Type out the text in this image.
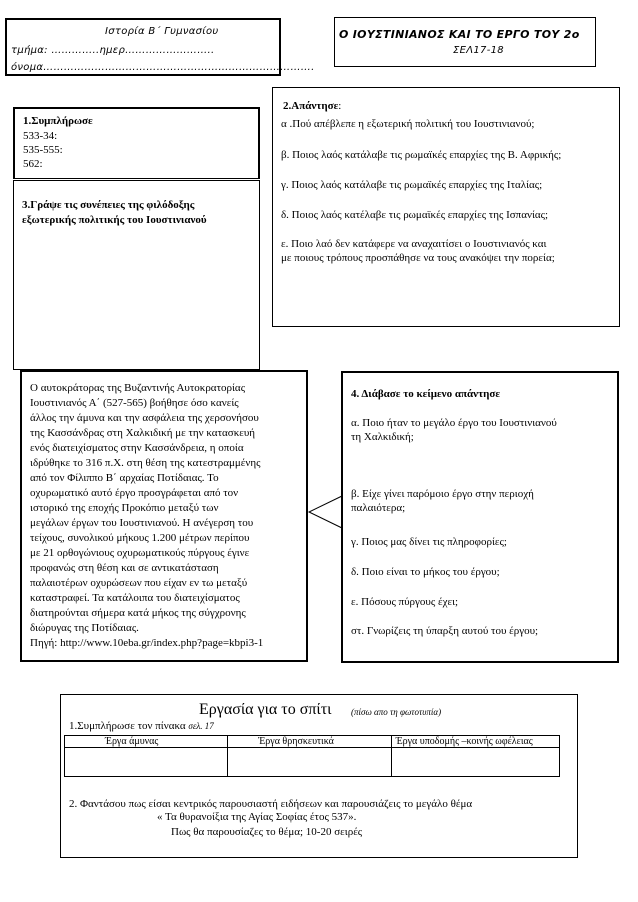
Ιστορία Β΄ Γυμνασίου
τμήμα: …………..ημερ……………………..
όνομα…………………………………………………………………….
Ο ΙΟΥΣΤΙΝΙΑΝΟΣ ΚΑΙ ΤΟ ΕΡΓΟ ΤΟΥ 2ο
ΣΕΛ17-18
1.Συμπλήρωσε
533-34:
535-555:
562:
3.Γράψε τις συνέπειες της φιλόδοξης
εξωτερικής πολιτικής του Ιουστινιανού
2.Απάντησε:
α .Πού απέβλεπε η εξωτερική πολιτική του Ιουστινιανού;
β. Ποιος λαός κατάλαβε τις ρωμαϊκές επαρχίες της Β. Αφρικής;
γ. Ποιος λαός κατάλαβε τις ρωμαϊκές επαρχίες της Ιταλίας;
δ. Ποιος λαός κατέλαβε τις ρωμαϊκές επαρχίες της Ισπανίας;
ε. Ποιο λαό δεν κατάφερε να αναχαιτίσει ο Ιουστινιανός και
με ποιους τρόπους προσπάθησε να τους ανακόψει την πορεία;
Ο αυτοκράτορας της Βυζαντινής Αυτοκρατορίας
Ιουστινιανός Α΄ (527-565) βοήθησε όσο κανείς
άλλος την άμυνα και την ασφάλεια της χερσονήσου
της Κασσάνδρας στη Χαλκιδική με την κατασκευή
ενός διατειχίσματος στην Κασσάνδρεια, η οποία
ιδρύθηκε το 316 π.Χ. στη θέση της κατεστραμμένης
από τον Φίλιππο Β΄ αρχαίας Ποτίδαιας. Το
οχυρωματικό αυτό έργο προσγράφεται από τον
ιστορικό της εποχής Προκόπιο μεταξύ των
μεγάλων έργων του Ιουστινιανού. Η ανέγερση του
τείχους, συνολικού μήκους 1.200 μέτρων περίπου
με 21 ορθογώνιους οχυρωματικούς πύργους έγινε
προφανώς στη θέση και σε αντικατάσταση
παλαιοτέρων οχυρώσεων που είχαν εν τω μεταξύ
καταστραφεί. Τα κατάλοιπα του διατειχίσματος
διατηρούνται σήμερα κατά μήκος της σύγχρονης
διώρυγας της Ποτίδαιας.
Πηγή: http://www.10eba.gr/index.php?page=kbpi3-1
4. Διάβασε το κείμενο απάντησε
α. Ποιο ήταν το μεγάλο έργο του Ιουστινιανού
τη Χαλκιδική;
β. Είχε γίνει παρόμοιο έργο στην περιοχή
παλαιότερα;
γ. Ποιος μας δίνει τις πληροφορίες;
δ. Ποιο είναι το μήκος του έργου;
ε. Πόσους πύργους έχει;
στ. Γνωρίζεις τη ύπαρξη αυτού του έργου;
Εργασία για το σπίτι (πίσω απο τη φωτοτυπία)
1.Συμπλήρωσε τον πίνακα σελ. 17
Έργα άμυνας	Έργα θρησκευτικά	Έργα υποδομής –κοινής ωφέλειας

2. Φαντάσου πως είσαι κεντρικός παρουσιαστή ειδήσεων και παρουσιάζεις το μεγάλο θέμα
« Τα θυρανοίξια της Αγίας Σοφίας έτος 537».
Πως θα παρουσίαζες το θέμα; 10-20 σειρές
